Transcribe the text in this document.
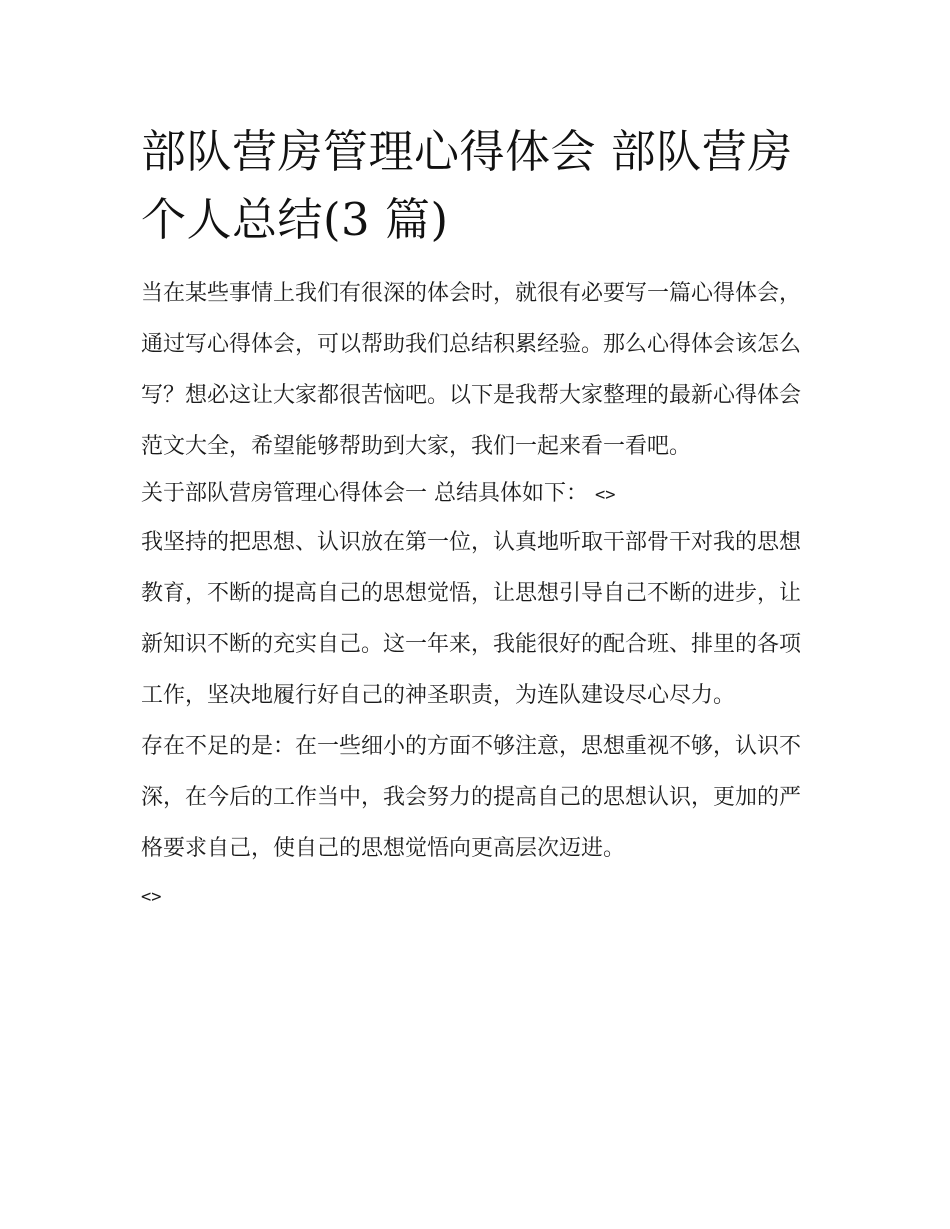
部队营房管理心得体会 部队营房个人总结(3 篇)

当在某些事情上我们有很深的体会时，就很有必要写一篇心得体会，通过写心得体会，可以帮助我们总结积累经验。那么心得体会该怎么写？想必这让大家都很苦恼吧。以下是我帮大家整理的最新心得体会范文大全，希望能够帮助到大家，我们一起来看一看吧。

关于部队营房管理心得体会一 总结具体如下： <>

我坚持的把思想、认识放在第一位，认真地听取干部骨干对我的思想教育，不断的提高自己的思想觉悟，让思想引导自己不断的进步，让新知识不断的充实自己。这一年来，我能很好的配合班、排里的各项工作，坚决地履行好自己的神圣职责，为连队建设尽心尽力。

存在不足的是：在一些细小的方面不够注意，思想重视不够，认识不深，在今后的工作当中，我会努力的提高自己的思想认识，更加的严格要求自己，使自己的思想觉悟向更高层次迈进。

<>
